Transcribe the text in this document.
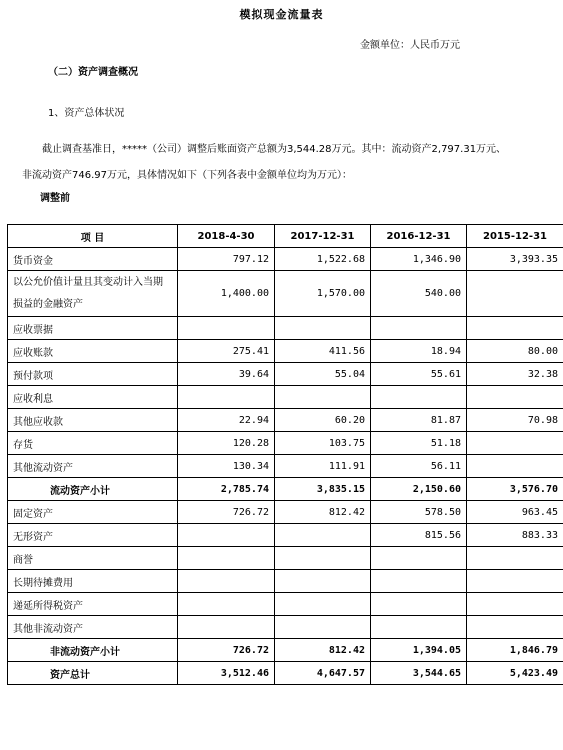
模拟现金流量表
金额单位：人民币万元
（二）资产调查概况
1、资产总体状况
截止调查基准日，*****（公司）调整后账面资产总额为3,544.28万元。其中：流动资产2,797.31万元、
非流动资产746.97万元，具体情况如下（下列各表中金额单位均为万元）：
调整前
项 目	2018-4-30	2017-12-31	2016-12-31	2015-12-31
货币资金	797.12	1,522.68	1,346.90	3,393.35
以公允价值计量且其变动计入当期损益的金融资产	1,400.00	1,570.00	540.00	
应收票据				
应收账款	275.41	411.56	18.94	80.00
预付款项	39.64	55.04	55.61	32.38
应收利息				
其他应收款	22.94	60.20	81.87	70.98
存货	120.28	103.75	51.18	
其他流动资产	130.34	111.91	56.11	
流动资产小计	2,785.74	3,835.15	2,150.60	3,576.70
固定资产	726.72	812.42	578.50	963.45
无形资产			815.56	883.33
商誉				
长期待摊费用				
递延所得税资产				
其他非流动资产				
非流动资产小计	726.72	812.42	1,394.05	1,846.79
资产总计	3,512.46	4,647.57	3,544.65	5,423.49
